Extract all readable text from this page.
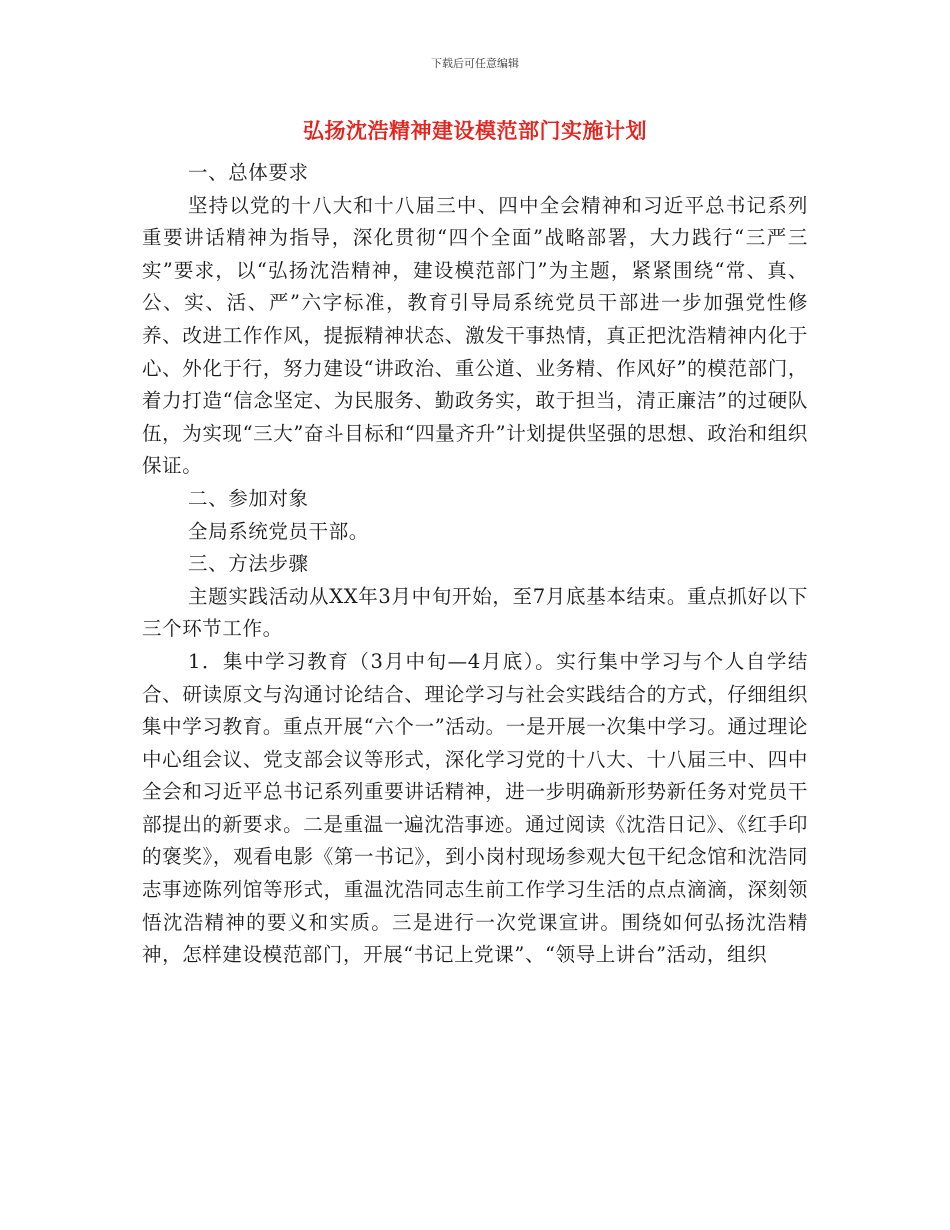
下载后可任意编辑
弘扬沈浩精神建设模范部门实施计划

一、总体要求

坚持以党的十八大和十八届三中、四中全会精神和习近平总书记系列重要讲话精神为指导，深化贯彻“四个全面”战略部署，大力践行“三严三实”要求，以“弘扬沈浩精神，建设模范部门”为主题，紧紧围绕“常、真、公、实、活、严”六字标准，教育引导局系统党员干部进一步加强党性修养、改进工作作风，提振精神状态、激发干事热情，真正把沈浩精神内化于心、外化于行，努力建设“讲政治、重公道、业务精、作风好”的模范部门，着力打造“信念坚定、为民服务、勤政务实，敢于担当，清正廉洁”的过硬队伍，为实现“三大”奋斗目标和“四量齐升”计划提供坚强的思想、政治和组织保证。

二、参加对象

全局系统党员干部。

三、方法步骤

主题实践活动从XX年3月中旬开始，至7月底基本结束。重点抓好以下三个环节工作。

1．集中学习教育（3月中旬—4月底）。实行集中学习与个人自学结合、研读原文与沟通讨论结合、理论学习与社会实践结合的方式，仔细组织集中学习教育。重点开展“六个一”活动。一是开展一次集中学习。通过理论中心组会议、党支部会议等形式，深化学习党的十八大、十八届三中、四中全会和习近平总书记系列重要讲话精神，进一步明确新形势新任务对党员干部提出的新要求。二是重温一遍沈浩事迹。通过阅读《沈浩日记》、《红手印的褒奖》，观看电影《第一书记》，到小岗村现场参观大包干纪念馆和沈浩同志事迹陈列馆等形式，重温沈浩同志生前工作学习生活的点点滴滴，深刻领悟沈浩精神的要义和实质。三是进行一次党课宣讲。围绕如何弘扬沈浩精神，怎样建设模范部门，开展“书记上党课”、“领导上讲台”活动，组织
